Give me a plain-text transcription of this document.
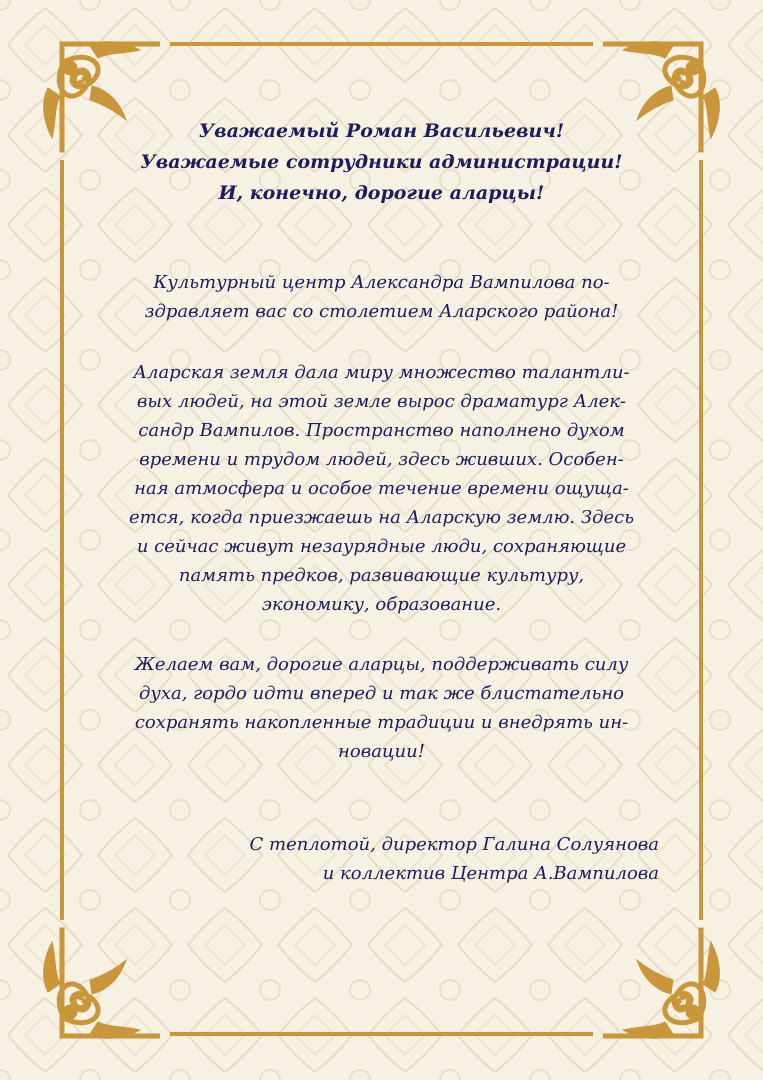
Уважаемый Роман Васильевич!
Уважаемые сотрудники администрации!
И, конечно, дорогие аларцы!
Культурный центр Александра Вампилова по-
здравляет вас со столетием Аларского района!
Аларская земля дала миру множество талантли-
вых людей, на этой земле вырос драматург Алек-
сандр Вампилов. Пространство наполнено духом
времени и трудом людей, здесь живших. Особен-
ная атмосфера и особое течение времени ощуща-
ется, когда приезжаешь на Аларскую землю. Здесь
и сейчас живут незаурядные люди, сохраняющие
память предков, развивающие культуру,
экономику, образование.
Желаем вам, дорогие аларцы, поддерживать силу
духа, гордо идти вперед и так же блистательно
сохранять накопленные традиции и внедрять ин-
новации!
С теплотой, директор Галина Солуянова
и коллектив Центра А.Вампилова
